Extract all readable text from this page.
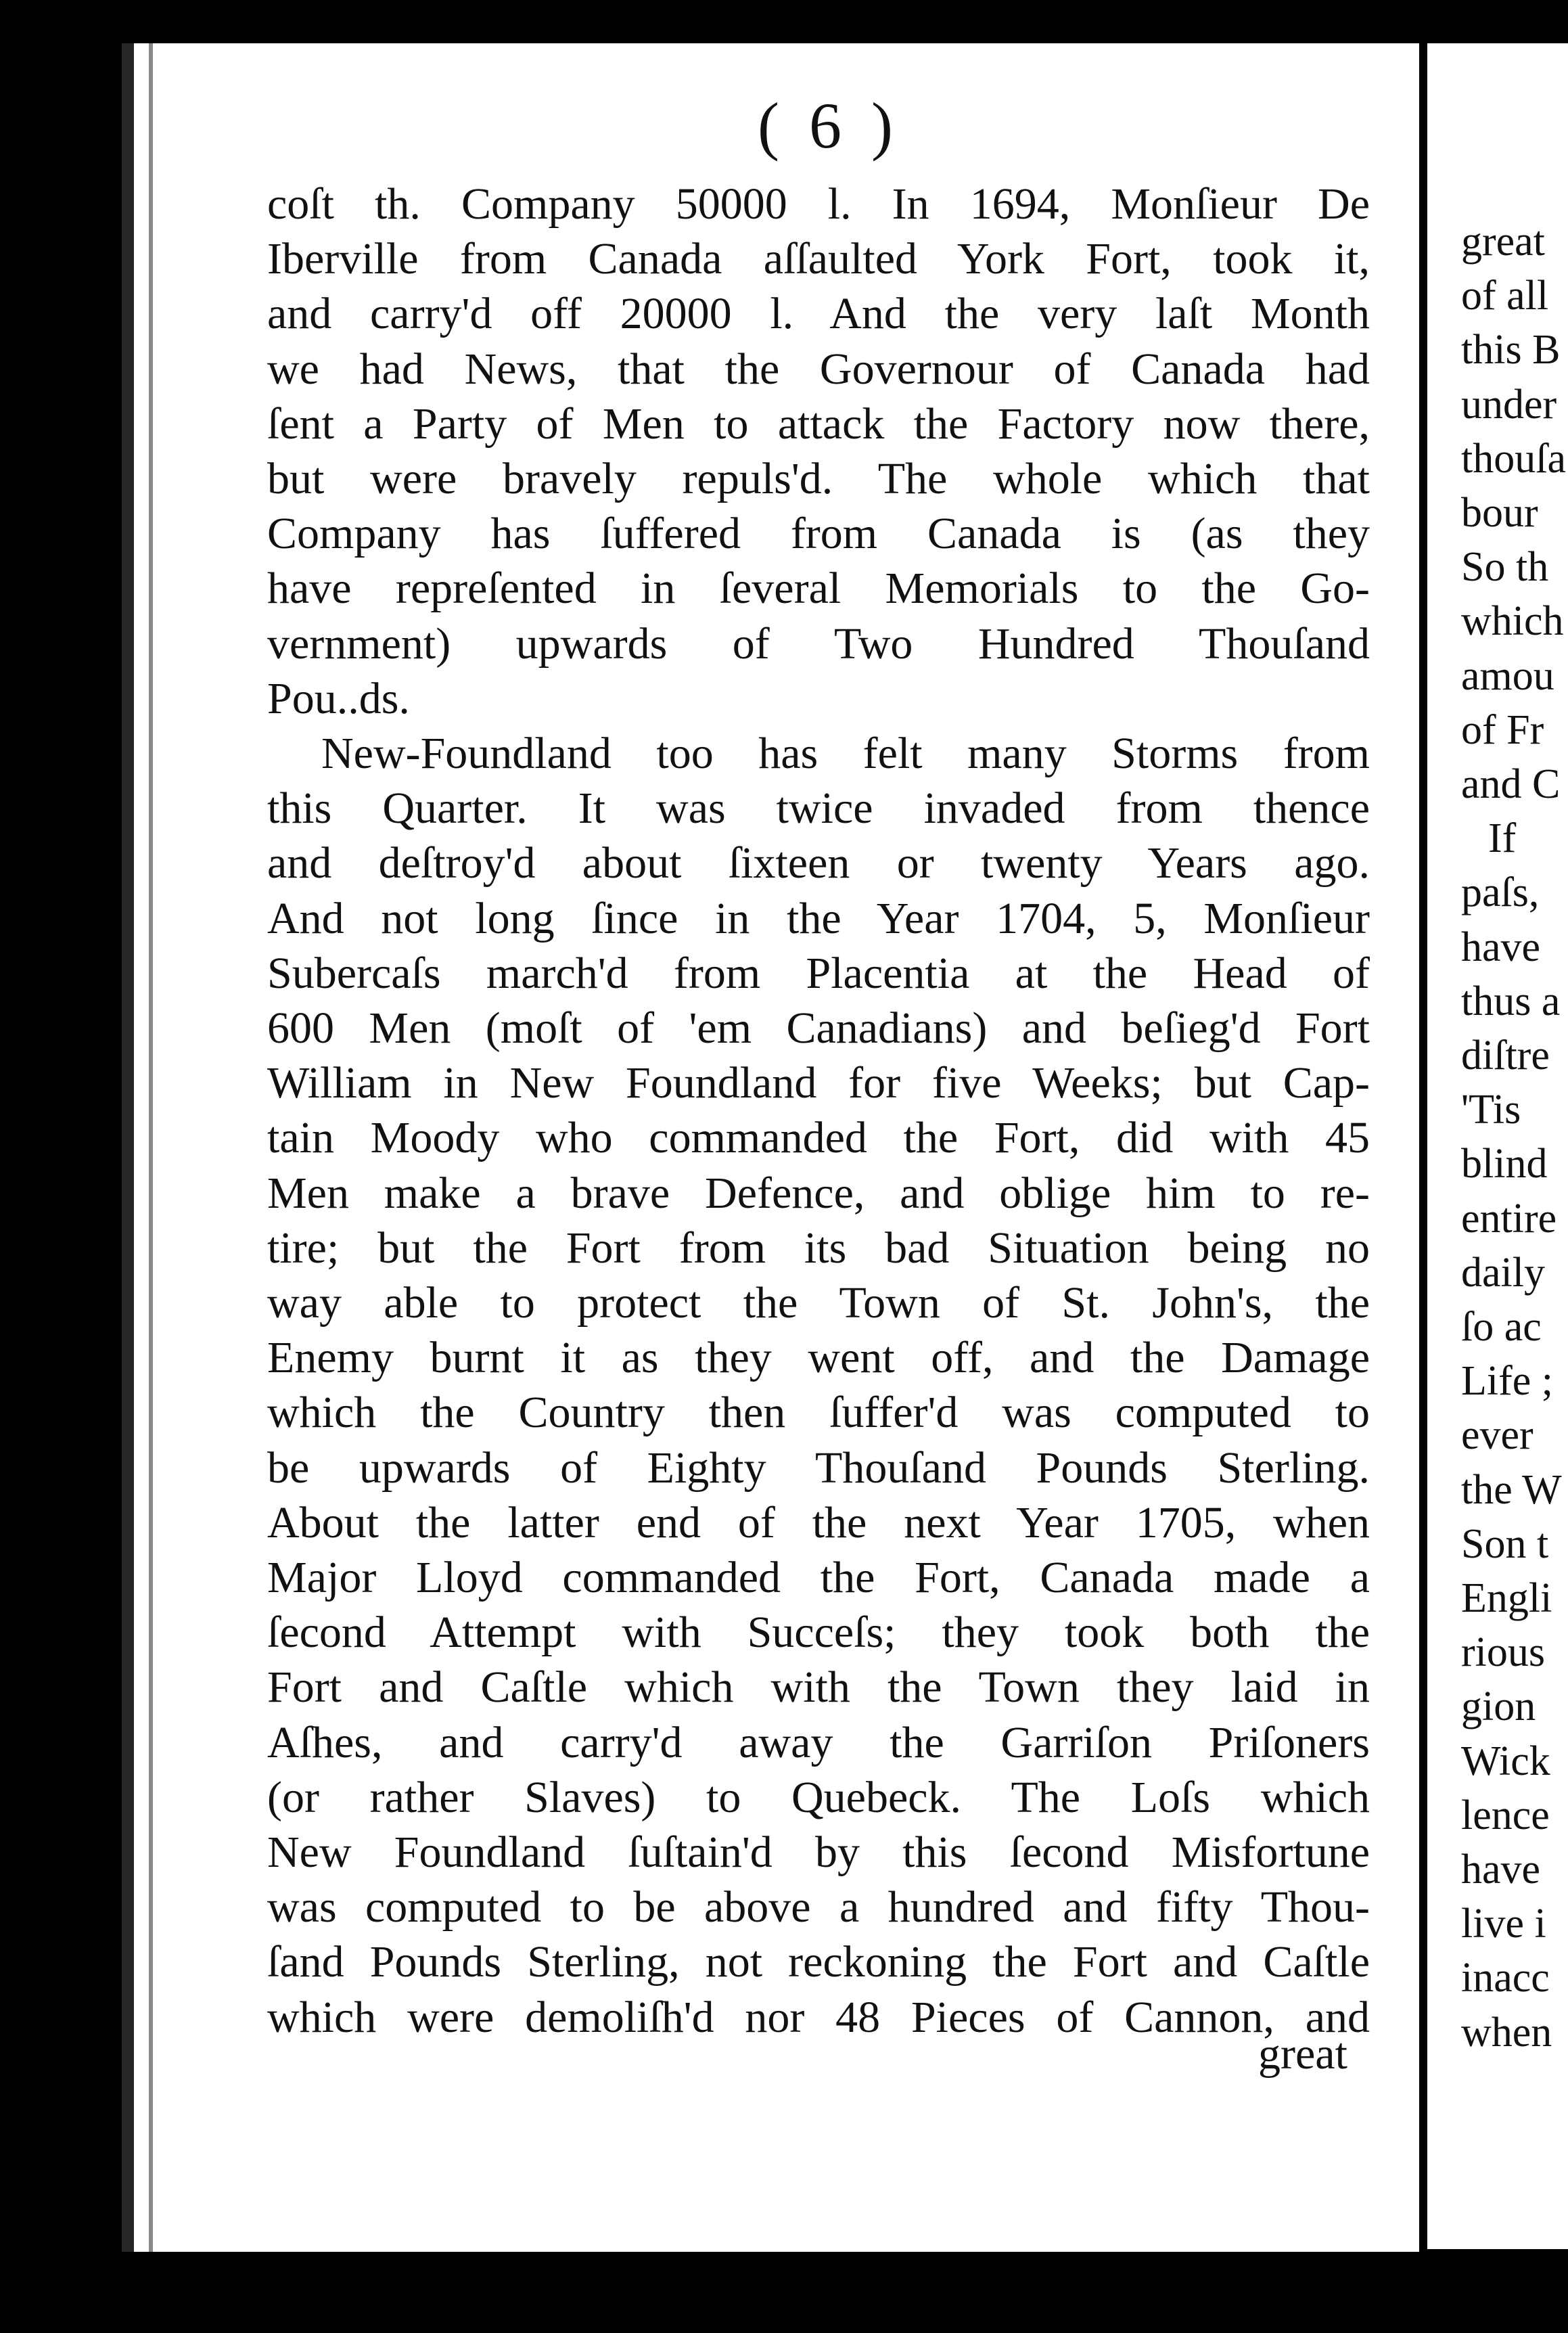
( 6 )
coſt th. Company 50000 l. In 1694, Monſieur De
Iberville from Canada aſſaulted York Fort, took it,
and carry'd off 20000 l. And the very laſt Month
we had News, that the Governour of Canada had
ſent a Party of Men to attack the Factory now there,
but were bravely repuls'd. The whole which that
Company has ſuffered from Canada is (as they
have repreſented in ſeveral Memorials to the Go-
vernment) upwards of Two Hundred Thouſand
Pou..ds.
New-Foundland too has felt many Storms from
this Quarter. It was twice invaded from thence
and deſtroy'd about ſixteen or twenty Years ago.
And not long ſince in the Year 1704, 5, Monſieur
Subercaſs march'd from Placentia at the Head of
600 Men (moſt of 'em Canadians) and beſieg'd Fort
William in New Foundland for five Weeks; but Cap-
tain Moody who commanded the Fort, did with 45
Men make a brave Defence, and oblige him to re-
tire; but the Fort from its bad Situation being no
way able to protect the Town of St. John's, the
Enemy burnt it as they went off, and the Damage
which the Country then ſuffer'd was computed to
be upwards of Eighty Thouſand Pounds Sterling.
About the latter end of the next Year 1705, when
Major Lloyd commanded the Fort, Canada made a
ſecond Attempt with Succeſs; they took both the
Fort and Caſtle which with the Town they laid in
Aſhes, and carry'd away the Garriſon Priſoners
(or rather Slaves) to Quebeck. The Loſs which
New Foundland ſuſtain'd by this ſecond Misfortune
was computed to be above a hundred and fifty Thou-
ſand Pounds Sterling, not reckoning the Fort and Caſtle
which were demoliſh'd nor 48 Pieces of Cannon, and
great
of all
this B
under
thouſa
bour
So th
which
amou
of Fr
and C
If
paſs,
have
thus a
diſtre
'Tis
blind
entire
daily
ſo ac
Life ;
ever
the W
Son t
Engli
rious
gion
Wick
lence
have
live i
inacc
when
great
